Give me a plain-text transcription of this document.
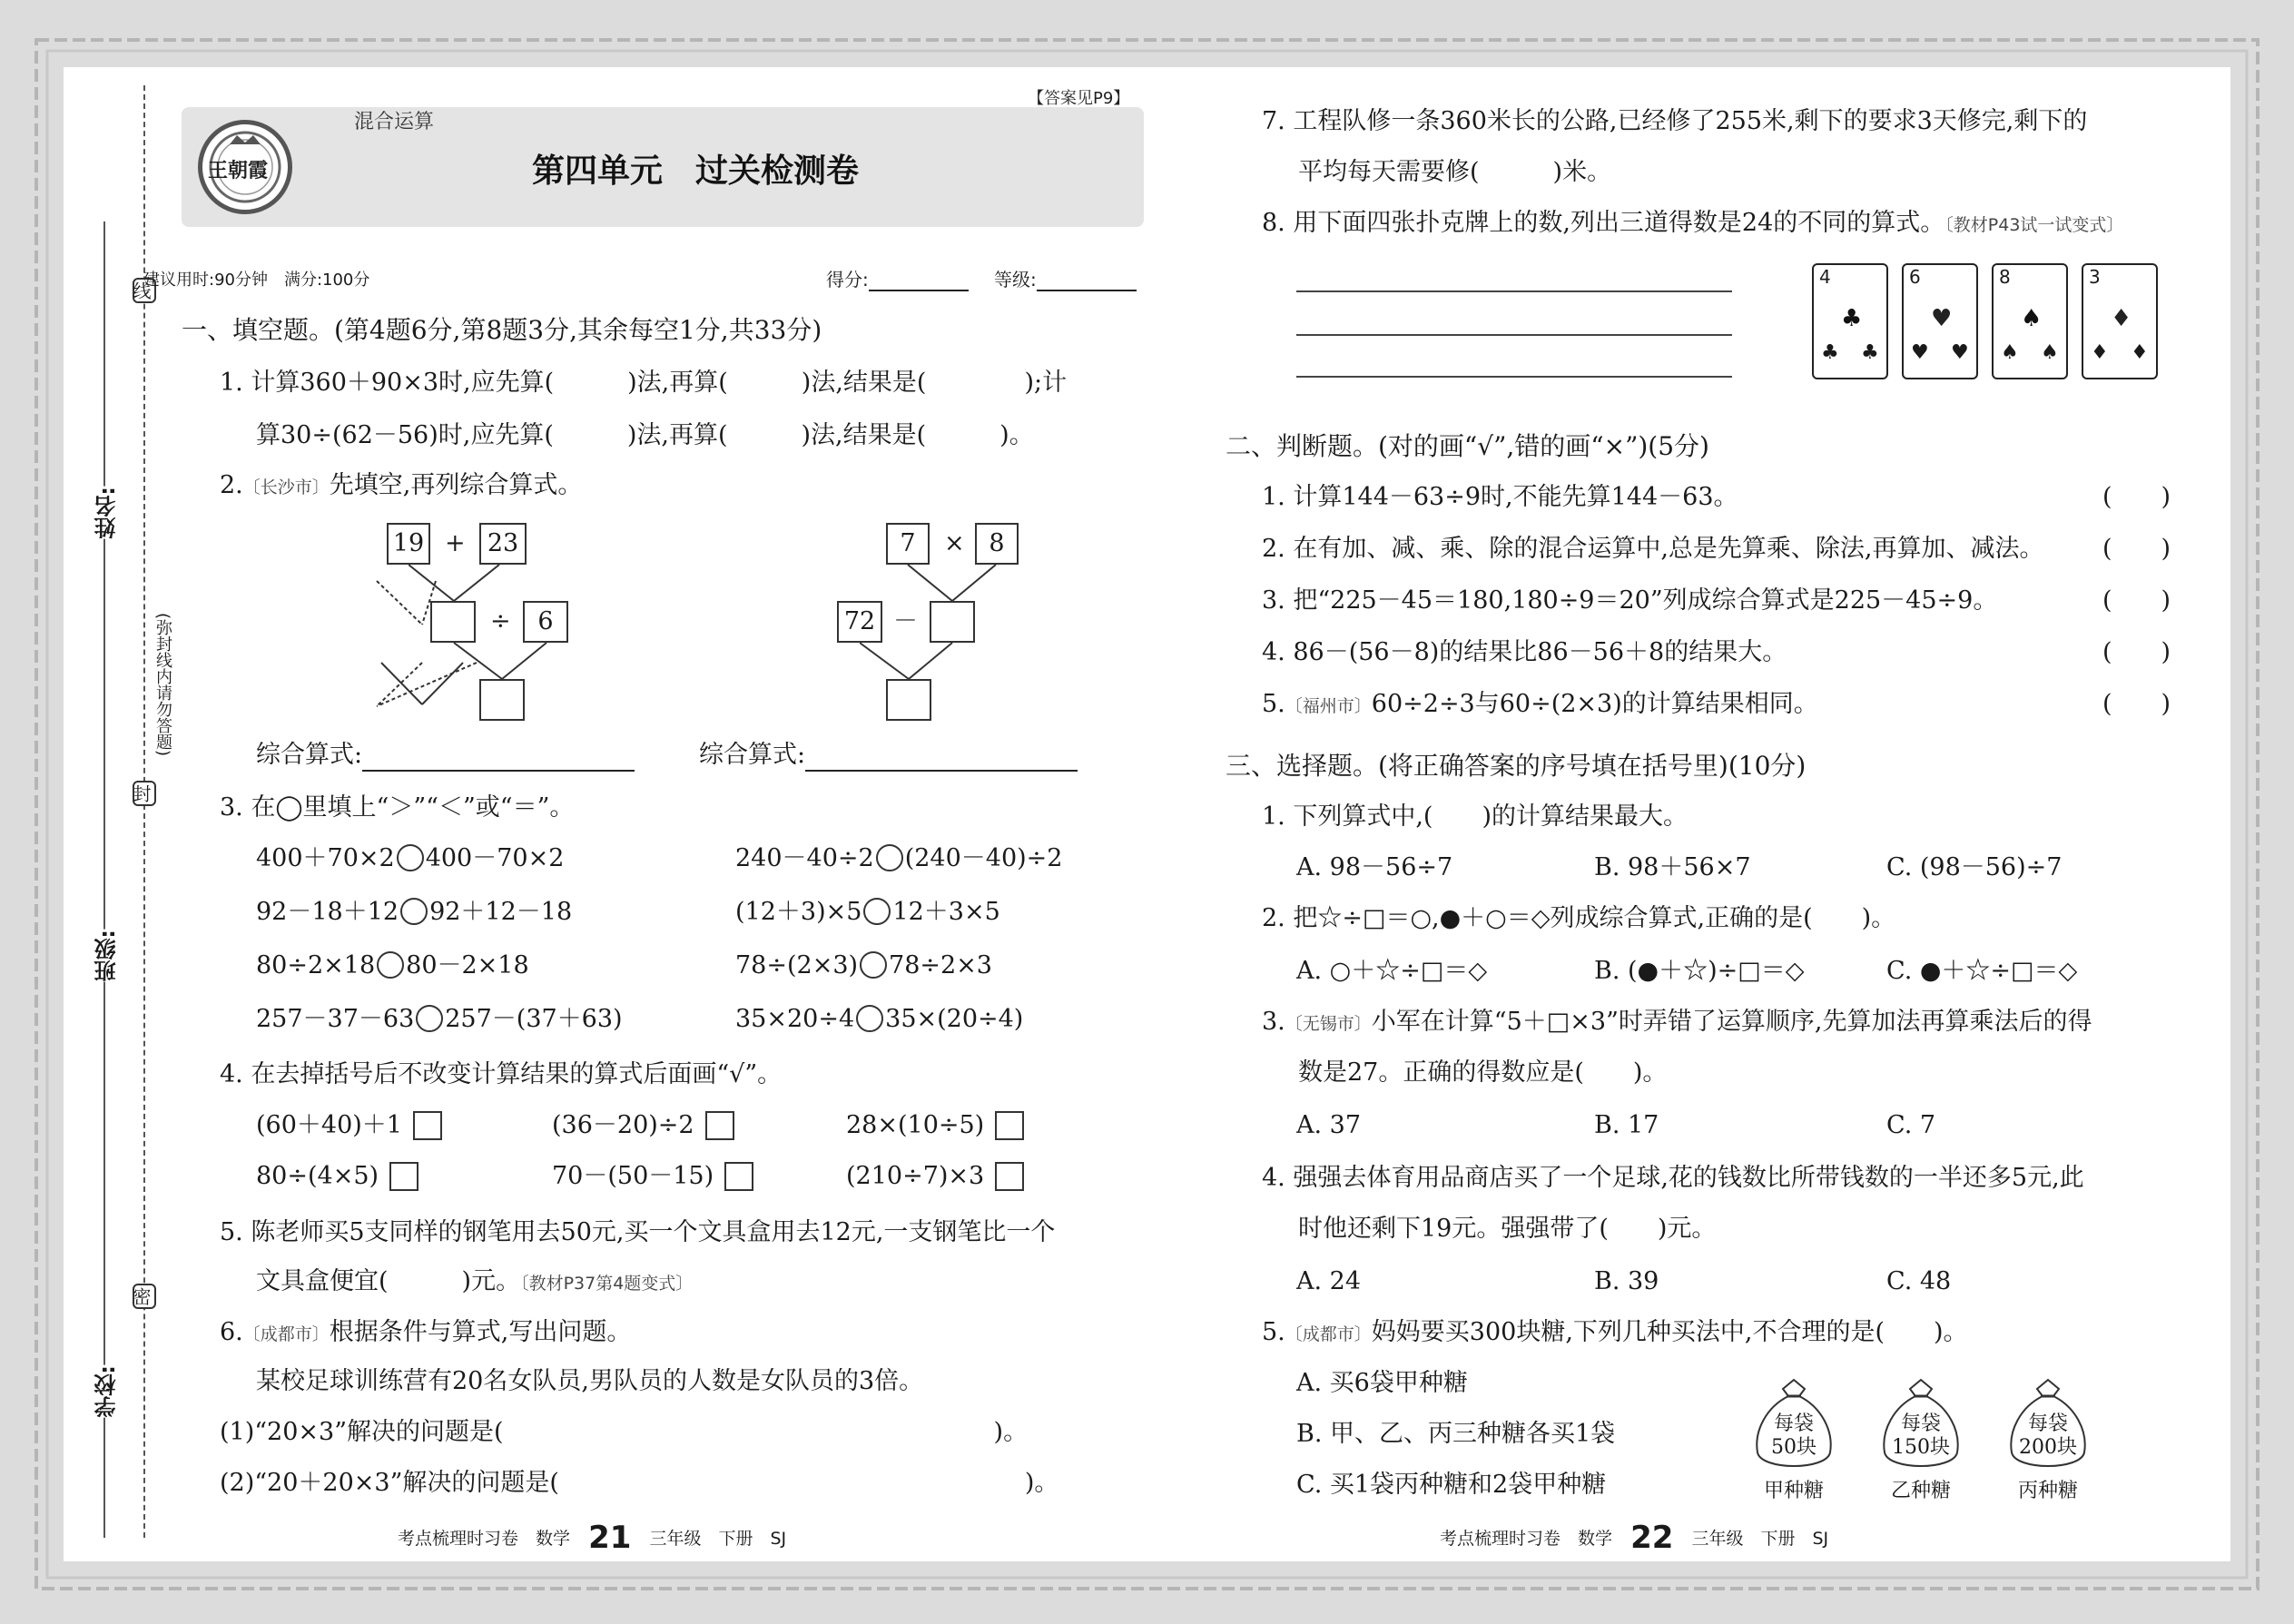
线
(弥封线内请勿答题)
封
密
姓名:
班级:
学校:
王朝霞
混合运算
【答案见P9】
第四单元　过关检测卷
建议用时:90分钟　满分:100分	得分:	等级:
一、填空题。(第4题6分,第8题3分,其余每空1分,共33分)
1. 计算360＋90×3时,应先算(　　　)法,再算(　　　)法,结果是(　　　　);计
算30÷(62－56)时,应先算(　　　)法,再算(　　　)法,结果是(　　　)。
2.〔长沙市〕先填空,再列综合算式。
19 + 23
÷	6
7	× 8
72 －
综合算式:	综合算式:
3. 在◯里填上“＞”“＜”或“＝”。
400＋70×2 400－70×2	240－40÷2 (240－40)÷2
92－18＋12 92＋12－18	(12＋3)×5 12＋3×5
80÷2×18 80－2×18	78÷(2×3) 78÷2×3
257－37－63 257－(37＋63)	35×20÷4 35×(20÷4)
4. 在去掉括号后不改变计算结果的算式后面画“√”。
(60＋40)＋1	(36－20)÷2	28×(10÷5)
80÷(4×5)	70－(50－15)	(210÷7)×3
5. 陈老师买5支同样的钢笔用去50元,买一个文具盒用去12元,一支钢笔比一个
文具盒便宜(　　　)元。〔教材P37第4题变式〕
6.〔成都市〕根据条件与算式,写出问题。
某校足球训练营有20名女队员,男队员的人数是女队员的3倍。
(1)“20×3”解决的问题是(　　　　　　　　　　　　　　　　　　　　)。
(2)“20＋20×3”解决的问题是(　　　　　　　　　　　　　　　　　　　)。
考点梳理时习卷　数学 21 三年级　下册　SJ
7. 工程队修一条360米长的公路,已经修了255米,剩下的要求3天修完,剩下的
平均每天需要修(　　　)米。
8. 用下面四张扑克牌上的数,列出三道得数是24的不同的算式。〔教材P43试一试变式〕
4
♣
♣ ♣
6
♥
♥ ♥
8
♠
♠ ♠
3
♦
♦ ♦
二、判断题。(对的画“√”,错的画“×”)(5分)
1. 计算144－63÷9时,不能先算144－63。	(　　)
2. 在有加、减、乘、除的混合运算中,总是先算乘、除法,再算加、减法。 (　　)
3. 把“225－45＝180,180÷9＝20”列成综合算式是225－45÷9。	(　　)
4. 86－(56－8)的结果比86－56＋8的结果大。	(　　)
5.〔福州市〕60÷2÷3与60÷(2×3)的计算结果相同。	(　　)
三、选择题。(将正确答案的序号填在括号里)(10分)
1. 下列算式中,(　　)的计算结果最大。
A. 98－56÷7	B. 98＋56×7	C. (98－56)÷7
2. 把☆÷□＝○,●＋○＝◇列成综合算式,正确的是(　　)。
A. ○＋☆÷□＝◇	B. (●＋☆)÷□＝◇	C. ●＋☆÷□＝◇
3.〔无锡市〕小军在计算“5＋□×3”时弄错了运算顺序,先算加法再算乘法后的得
数是27。正确的得数应是(　　)。
A. 37	B. 17	C. 7
4. 强强去体育用品商店买了一个足球,花的钱数比所带钱数的一半还多5元,此
时他还剩下19元。强强带了(　　)元。
A. 24	B. 39	C. 48
5.〔成都市〕妈妈要买300块糖,下列几种买法中,不合理的是(　　)。
A. 买6袋甲种糖
B. 甲、乙、丙三种糖各买1袋
C. 买1袋丙种糖和2袋甲种糖
每袋
50块
甲种糖
每袋
150块
乙种糖
每袋
200块
丙种糖
考点梳理时习卷　数学 22 三年级　下册　SJ
